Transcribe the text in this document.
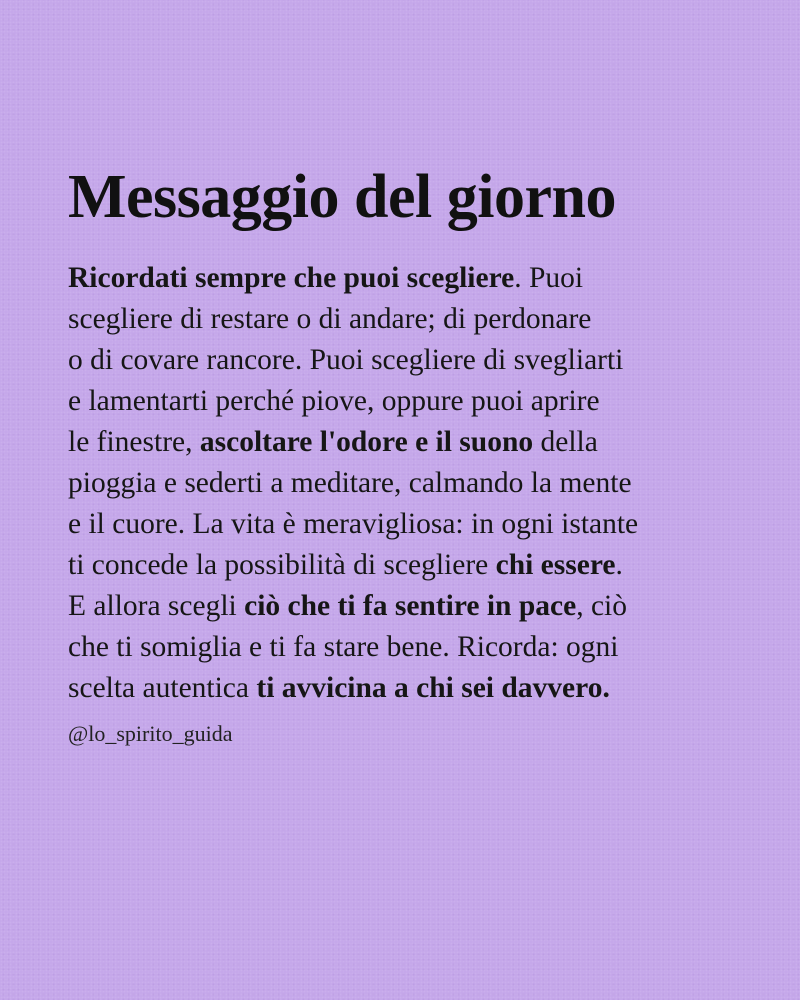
Messaggio del giorno
Ricordati sempre che puoi scegliere. Puoi
scegliere di restare o di andare; di perdonare
o di covare rancore. Puoi scegliere di svegliarti
e lamentarti perché piove, oppure puoi aprire
le finestre, ascoltare l'odore e il suono della
pioggia e sederti a meditare, calmando la mente
e il cuore. La vita è meravigliosa: in ogni istante
ti concede la possibilità di scegliere chi essere.
E allora scegli ciò che ti fa sentire in pace, ciò
che ti somiglia e ti fa stare bene. Ricorda: ogni
scelta autentica ti avvicina a chi sei davvero.
@lo_spirito_guida
